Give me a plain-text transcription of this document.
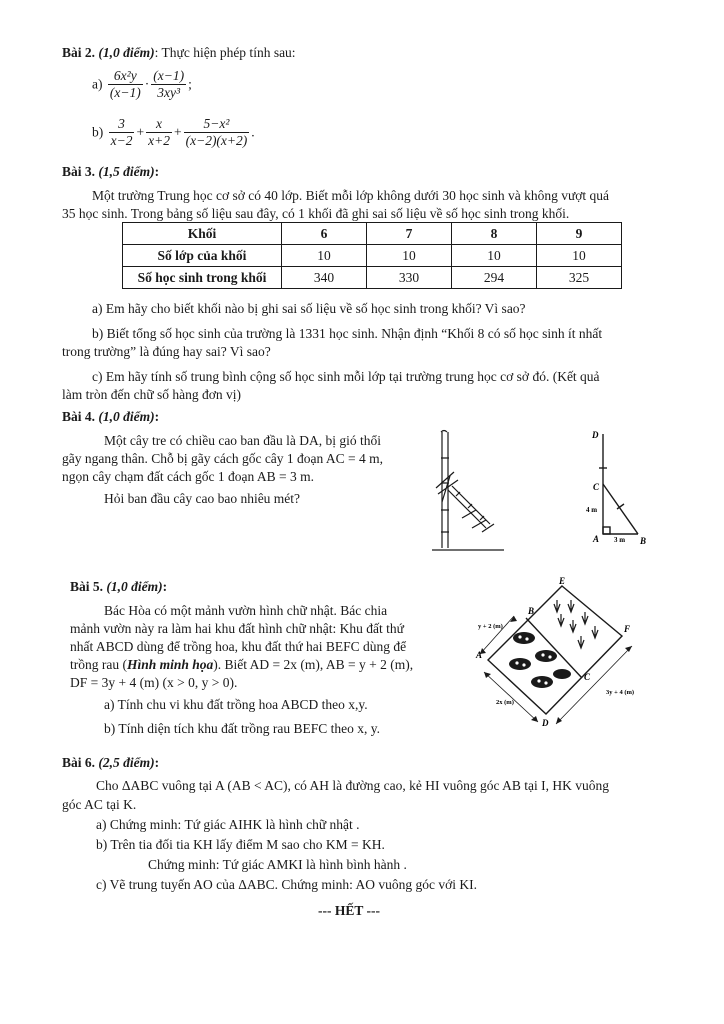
Bài 2. (1,0 điểm): Thực hiện phép tính sau:
$a) \frac{\text{6x²y}}{(x-1)} \cdot \frac{(x-1)}{\text{3xy³}}$ ;
$b) \frac{3}{x-2} + \frac{x}{x+2} + \frac{\text{5−x²}}{(x-2)(x+2)}$ .
Bài 3. (1,5 điểm):
Một trường Trung học cơ sở có 40 lớp. Biết mỗi lớp không dưới 30 học sinh và không vượt quá
35 học sinh. Trong bảng số liệu sau đây, có 1 khối đã ghi sai số liệu về số học sinh trong khối.
Khối	6	7	8	9
Số lớp của khối	10	10	10	10
Số học sinh trong khối	340	330	294	325
a) Em hãy cho biết khối nào bị ghi sai số liệu về số học sinh trong khối? Vì sao?
b) Biết tổng số học sinh của trường là 1331 học sinh. Nhận định “Khối 8 có số học sinh ít nhất
trong trường” là đúng hay sai? Vì sao?
c) Em hãy tính số trung bình cộng số học sinh mỗi lớp tại trường trung học cơ sở đó. (Kết quả
làm tròn đến chữ số hàng đơn vị)
Bài 4. (1,0 điểm):
Một cây tre có chiều cao ban đầu là DA, bị gió thổi
gãy ngang thân. Chỗ bị gãy cách gốc cây 1 đoạn AC = 4 m,
ngọn cây chạm đất cách gốc 1 đoạn AB = 3 m.
Hỏi ban đầu cây cao bao nhiêu mét?
D
C
A	B
4 m
3 m
Bài 5. (1,0 điểm):
Bác Hòa có một mảnh vườn hình chữ nhật. Bác chia
mảnh vườn này ra làm hai khu đất hình chữ nhật: Khu đất thứ
nhất ABCD dùng để trồng hoa, khu đất thứ hai BEFC dùng để
trồng rau (Hình minh họa). Biết AD = 2x (m), AB = y + 2 (m),
DF = 3y + 4 (m) (x > 0, y > 0).
a) Tính chu vi khu đất trồng hoa ABCD theo x,y.
b) Tính diện tích khu đất trồng rau BEFC theo x, y.
E
B
F
A
C
D
y + 2 (m)
2x (m)
3y + 4 (m)
Bài 6. (2,5 điểm):
Cho ΔABC vuông tại A (AB < AC), có AH là đường cao, kẻ HI vuông góc AB tại I, HK vuông
góc AC tại K.
a) Chứng minh: Tứ giác AIHK là hình chữ nhật .
b) Trên tia đối tia KH lấy điểm M sao cho KM = KH.
Chứng minh: Tứ giác AMKI là hình bình hành .
c) Vẽ trung tuyến AO của ΔABC. Chứng minh: AO vuông góc với KI.
--- HẾT ---
